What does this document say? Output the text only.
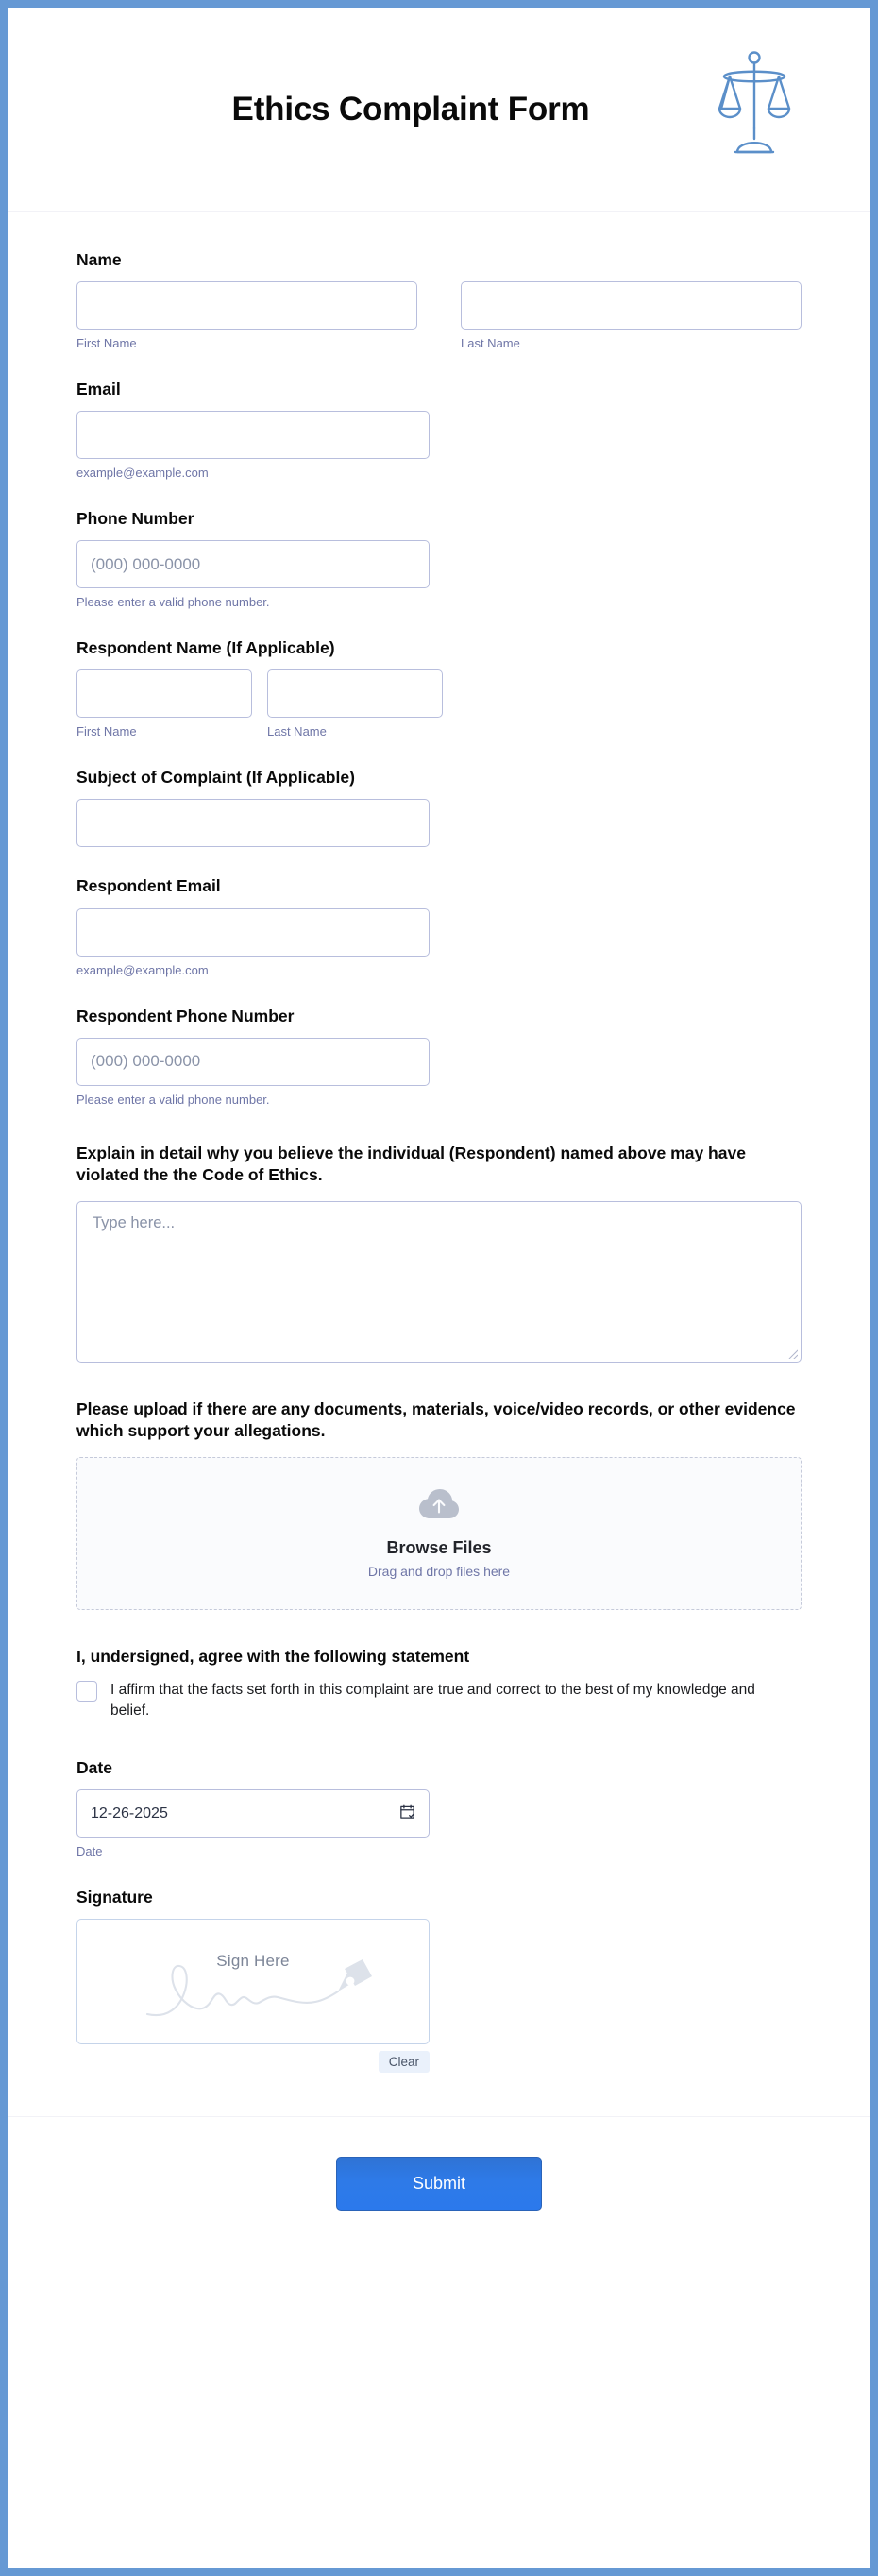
Ethics Complaint Form
Name
First Name	Last Name
Email
example@example.com
Phone Number
(000) 000-0000
Please enter a valid phone number.
Respondent Name (If Applicable)
First Name	Last Name
Subject of Complaint (If Applicable)
Respondent Email
example@example.com
Respondent Phone Number
(000) 000-0000
Please enter a valid phone number.
Explain in detail why you believe the individual (Respondent) named above may have violated the the Code of Ethics.
Type here...
Please upload if there are any documents, materials, voice/video records, or other evidence which support your allegations.
Browse Files
Drag and drop files here
I, undersigned, agree with the following statement
I affirm that the facts set forth in this complaint are true and correct to the best of my knowledge and belief.
Date
12-26-2025
Date
Signature
Sign Here
Clear
Submit
